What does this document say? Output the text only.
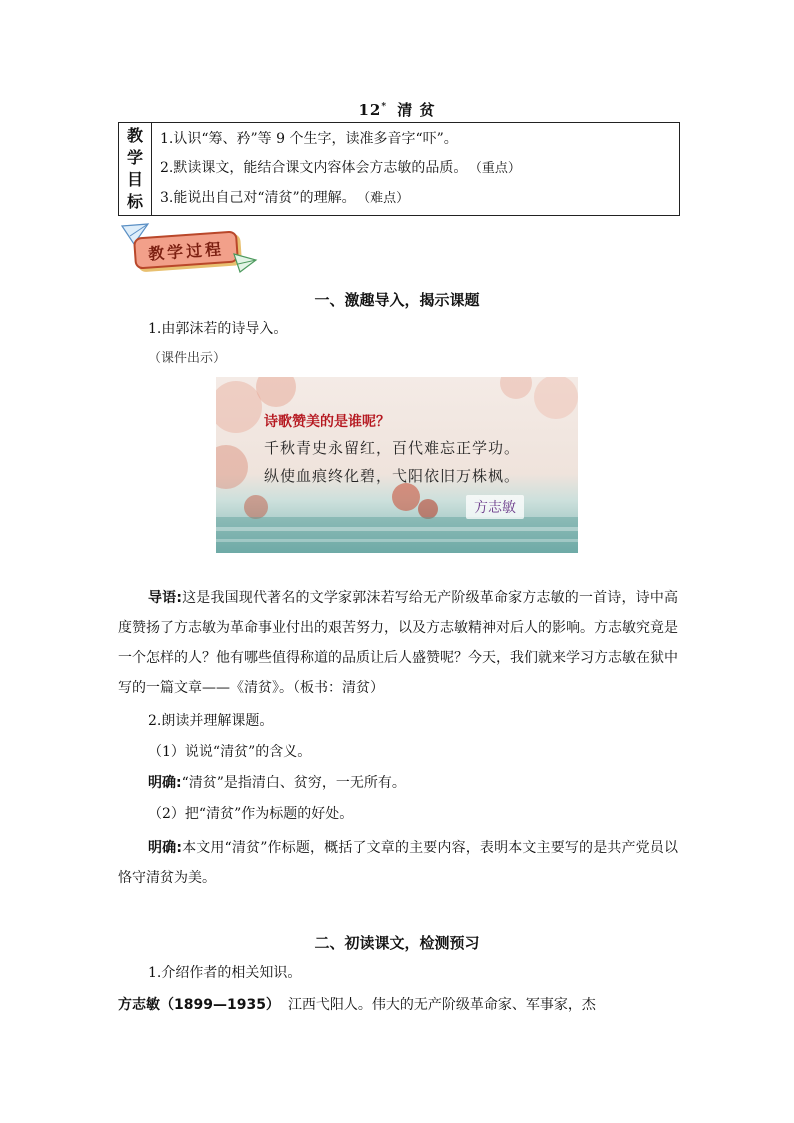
12* 清 贫
教
学
目
标
1.认识“筹、矜”等 9 个生字，读准多音字“吓”。
2.默读课文，能结合课文内容体会方志敏的品质。 （重点）
3.能说出自己对“清贫”的理解。 （难点）
教学过程
一、激趣导入，揭示课题
1.由郭沫若的诗导入。
（课件出示）
诗歌赞美的是谁呢？
千秋青史永留红，百代难忘正学功。
纵使血痕终化碧，弋阳依旧万株枫。
方志敏
导语:这是我国现代著名的文学家郭沫若写给无产阶级革命家方志敏的一首诗，诗中高度赞扬了方志敏为革命事业付出的艰苦努力，以及方志敏精神对后人的影响。方志敏究竟是一个怎样的人？他有哪些值得称道的品质让后人盛赞呢？今天，我们就来学习方志敏在狱中写的一篇文章——《清贫》。（板书：清贫）
2.朗读并理解课题。
（1）说说“清贫”的含义。
明确:“清贫”是指清白、贫穷，一无所有。
（2）把“清贫”作为标题的好处。
明确:本文用“清贫”作标题，概括了文章的主要内容，表明本文主要写的是共产党员以恪守清贫为美。
二、初读课文，检测预习
1.介绍作者的相关知识。
方志敏（1899—1935） 江西弋阳人。伟大的无产阶级革命家、军事家，杰
